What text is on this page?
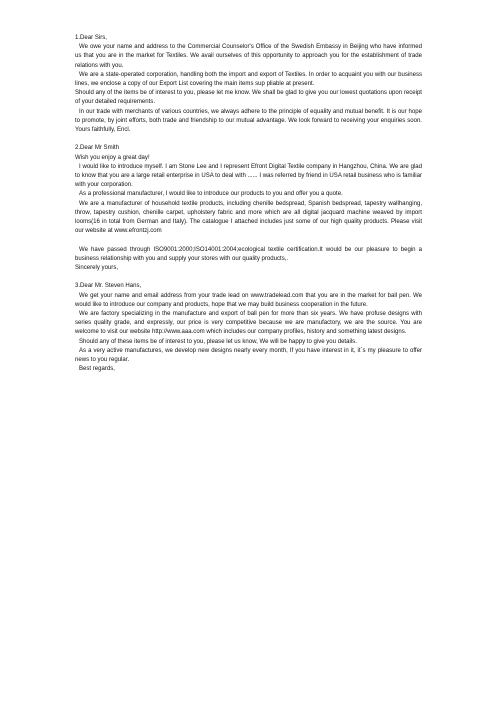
1.Dear Sirs,

We owe your name and address to the Commercial Counselor's Office of the Swedish Embassy in Beijing who have informed us that you are in the market for Textiles. We avail ourselves of this opportunity to approach you for the establishment of trade relations with you.

We are a state-operated corporation, handling both the import and export of Textiles. In order to acquaint you with our business lines, we enclose a copy of our Export List covering the main items sup pliable at present.

Should any of the items be of interest to you, please let me know. We shall be glad to give you our lowest quotations upon receipt of your detailed requirements.

In our trade with merchants of various countries, we always adhere to the principle of equality and mutual benefit. It is our hope to promote, by joint efforts, both trade and friendship to our mutual advantage. We look forward to receiving your enquiries soon. Yours faithfully, Encl.

2.Dear Mr Smith

Wish you enjoy a great day!

I would like to introduce myself. I am Stone Lee and I represent Efront Digital Textile company in Hangzhou, China. We are glad to know that you are a large retail enterprise in USA to deal with ...... I was referred by friend in USA retail business who is familiar with your corporation.

As a professional manufacturer, I would like to introduce our products to you and offer you a quote.

We are a manufacturer of household textile products, including chenille bedspread, Spanish bedspread, tapestry wallhanging, throw, tapestry cushion, chenille carpet, upholstery fabric and more which are all digital jacquard machine weaved by import looms(16 in total from German and Italy). The catalogue I attached includes just some of our high quality products. Please visit our website at www.efrontzj.com

We have passed through ISO9001:2000;ISO14001:2004;ecological textile certification.It would be our pleasure to begin a business relationship with you and supply your stores with our quality products,.

Sincerely yours,

3.Dear Mr. Steven Hans,

We get your name and email address from your trade lead on www.tradelead.com that you are in the market for ball pen. We would like to introduce our company and products, hope that we may build business cooperation in the future.

We are factory specializing in the manufacture and export of ball pen for more than six years. We have profuse designs with series quality grade, and expressly, our price is very competitive because we are manufactory, we are the source. You are welcome to visit our website http://www.aaa.com which includes our company profiles, history and something latest designs.

Should any of these items be of interest to you, please let us know, We will be happy to give you details.

As a very active manufactures, we develop new designs nearly every month, If you have interest in it, it`s my pleasure to offer news to you regular.

Best regards,
